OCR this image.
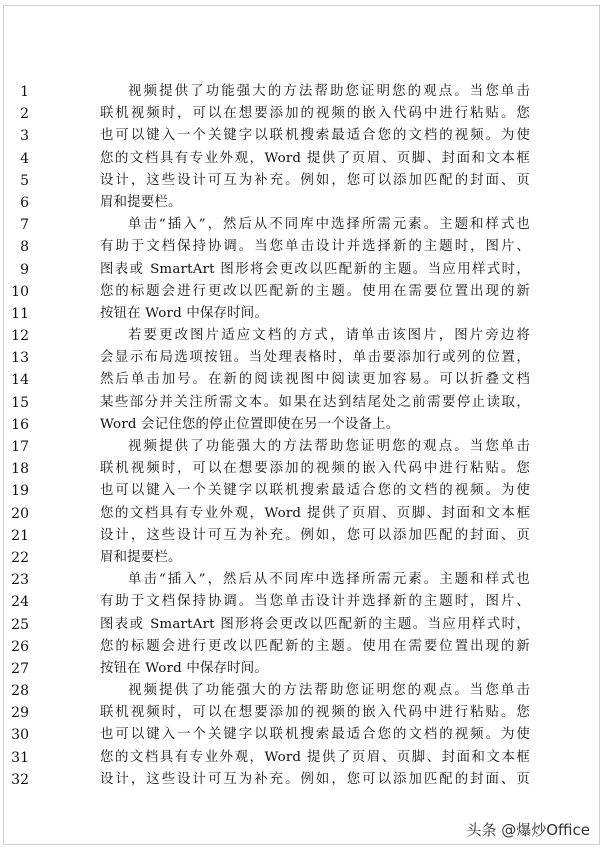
1	视频提供了功能强大的方法帮助您证明您的观点。当您单击
2	联机视频时，可以在想要添加的视频的嵌入代码中进行粘贴。您
3	也可以键入一个关键字以联机搜索最适合您的文档的视频。为使
4	您的文档具有专业外观，Word 提供了页眉、页脚、封面和文本框
5	设计，这些设计可互为补充。例如，您可以添加匹配的封面、页
6	眉和提要栏。
7	单击“插入”，然后从不同库中选择所需元素。主题和样式也
8	有助于文档保持协调。当您单击设计并选择新的主题时，图片、
9	图表或 SmartArt 图形将会更改以匹配新的主题。当应用样式时，
10	您的标题会进行更改以匹配新的主题。使用在需要位置出现的新
11	按钮在 Word 中保存时间。
12	若要更改图片适应文档的方式，请单击该图片，图片旁边将
13	会显示布局选项按钮。当处理表格时，单击要添加行或列的位置，
14	然后单击加号。在新的阅读视图中阅读更加容易。可以折叠文档
15	某些部分并关注所需文本。如果在达到结尾处之前需要停止读取，
16	Word 会记住您的停止位置即使在另一个设备上。
17	视频提供了功能强大的方法帮助您证明您的观点。当您单击
18	联机视频时，可以在想要添加的视频的嵌入代码中进行粘贴。您
19	也可以键入一个关键字以联机搜索最适合您的文档的视频。为使
20	您的文档具有专业外观，Word 提供了页眉、页脚、封面和文本框
21	设计，这些设计可互为补充。例如，您可以添加匹配的封面、页
22	眉和提要栏。
23	单击“插入”，然后从不同库中选择所需元素。主题和样式也
24	有助于文档保持协调。当您单击设计并选择新的主题时，图片、
25	图表或 SmartArt 图形将会更改以匹配新的主题。当应用样式时，
26	您的标题会进行更改以匹配新的主题。使用在需要位置出现的新
27	按钮在 Word 中保存时间。
28	视频提供了功能强大的方法帮助您证明您的观点。当您单击
29	联机视频时，可以在想要添加的视频的嵌入代码中进行粘贴。您
30	也可以键入一个关键字以联机搜索最适合您的文档的视频。为使
31	您的文档具有专业外观，Word 提供了页眉、页脚、封面和文本框
32	设计，这些设计可互为补充。例如，您可以添加匹配的封面、页
头条 @爆炒Office
